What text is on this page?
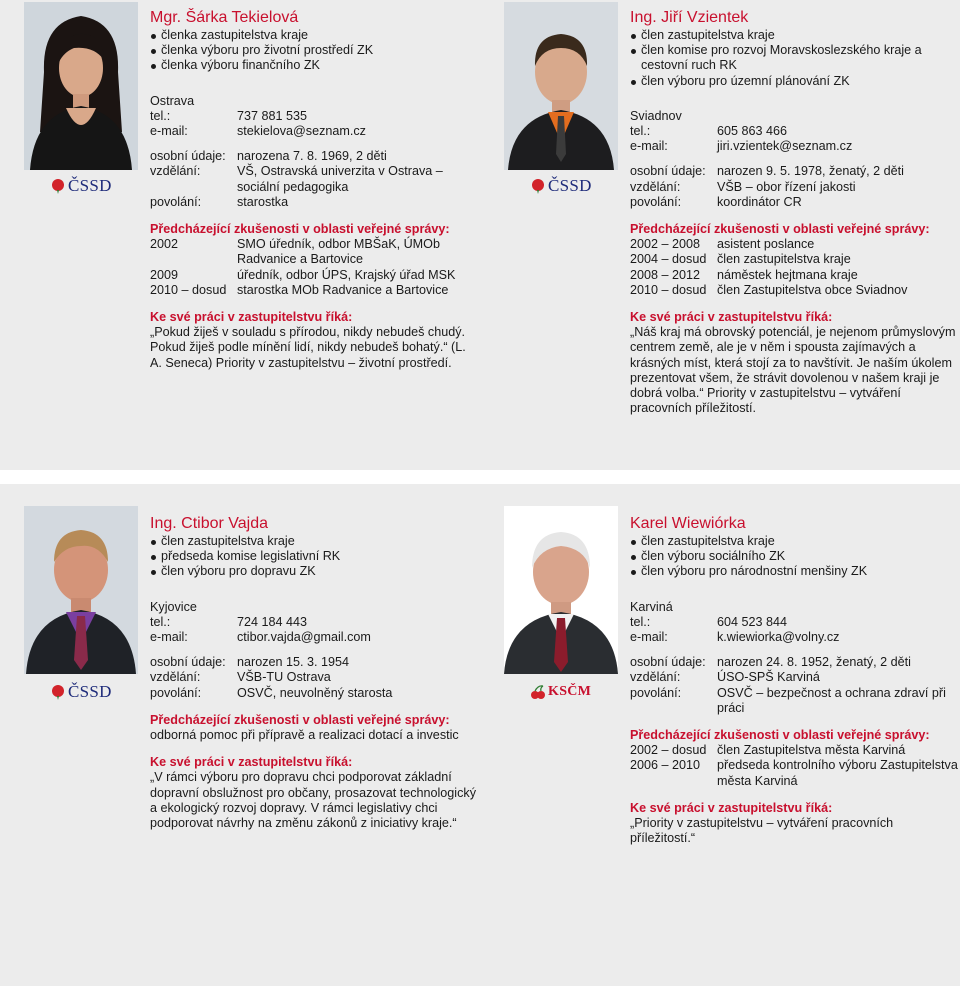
ČSSD
Mgr. Šárka Tekielová
členka zastupitelstva kraje
členka výboru pro životní prostředí ZK
členka výboru finančního ZK
Ostrava
tel.:	737 881 535
e-mail:	stekielova@seznam.cz
osobní údaje: narozena 7. 8. 1969, 2 děti
vzdělání:	VŠ, Ostravská univerzita v Ostrava – sociální pedagogika
povolání:	starostka
Předcházející zkušenosti v oblasti veřejné správy:
2002	SMO úředník, odbor MBŠaK, ÚMOb Radvanice a Bartovice
2009	úředník, odbor ÚPS, Krajský úřad MSK
2010 – dosud starostka MOb Radvanice a Bartovice
Ke své práci v zastupitelstvu říká:
„Pokud žiješ v souladu s přírodou, nikdy nebudeš chudý. Pokud žiješ podle mínění lidí, nikdy nebudeš bohatý.“ (L. A. Seneca) Priority v zastupitelstvu – životní prostředí.
ČSSD
Ing. Jiří Vzientek
člen zastupitelstva kraje
člen komise pro rozvoj Moravskoslezského kraje a cestovní ruch RK
člen výboru pro územní plánování ZK
Sviadnov
tel.:	605 863 466
e-mail:	jiri.vzientek@seznam.cz
osobní údaje: narozen 9. 5. 1978, ženatý, 2 děti
vzdělání:	VŠB – obor řízení jakosti
povolání:	koordinátor CR
Předcházející zkušenosti v oblasti veřejné správy:
2002 – 2008	asistent poslance
2004 – dosud člen zastupitelstva kraje
2008 – 2012	náměstek hejtmana kraje
2010 – dosud člen Zastupitelstva obce Sviadnov
Ke své práci v zastupitelstvu říká:
„Náš kraj má obrovský potenciál, je nejenom průmyslovým centrem země, ale je v něm i spousta zajímavých a krásných míst, která stojí za to navštívit. Je naším úkolem prezentovat všem, že strávit dovolenou v našem kraji je dobrá volba.“ Priority v zastupitelstvu – vytváření pracovních příležitostí.
ČSSD
Ing. Ctibor Vajda
člen zastupitelstva kraje
předseda komise legislativní RK
člen výboru pro dopravu ZK
Kyjovice
tel.:	724 184 443
e-mail:	ctibor.vajda@gmail.com
osobní údaje: narozen 15. 3. 1954
vzdělání:	VŠB-TU Ostrava
povolání:	OSVČ, neuvolněný starosta
Předcházející zkušenosti v oblasti veřejné správy:
odborná pomoc při přípravě a realizaci dotací a investic
Ke své práci v zastupitelstvu říká:
„V rámci výboru pro dopravu chci podporovat základní dopravní obslužnost pro občany, prosazovat technologický a ekologický rozvoj dopravy. V rámci legislativy chci podporovat návrhy na změnu zákonů z iniciativy kraje.“
KSČM
Karel Wiewiórka
člen zastupitelstva kraje
člen výboru sociálního ZK
člen výboru pro národnostní menšiny ZK
Karviná
tel.:	604 523 844
e-mail:	k.wiewiorka@volny.cz
osobní údaje: narozen 24. 8. 1952, ženatý, 2 děti
vzdělání:	ÚSO-SPŠ Karviná
povolání:	OSVČ – bezpečnost a ochrana zdraví při práci
Předcházející zkušenosti v oblasti veřejné správy:
2002 – dosud člen Zastupitelstva města Karviná
2006 – 2010	předseda kontrolního výboru Zastupitelstva města Karviná
Ke své práci v zastupitelstvu říká:
„Priority v zastupitelstvu – vytváření pracovních příležitostí.“
